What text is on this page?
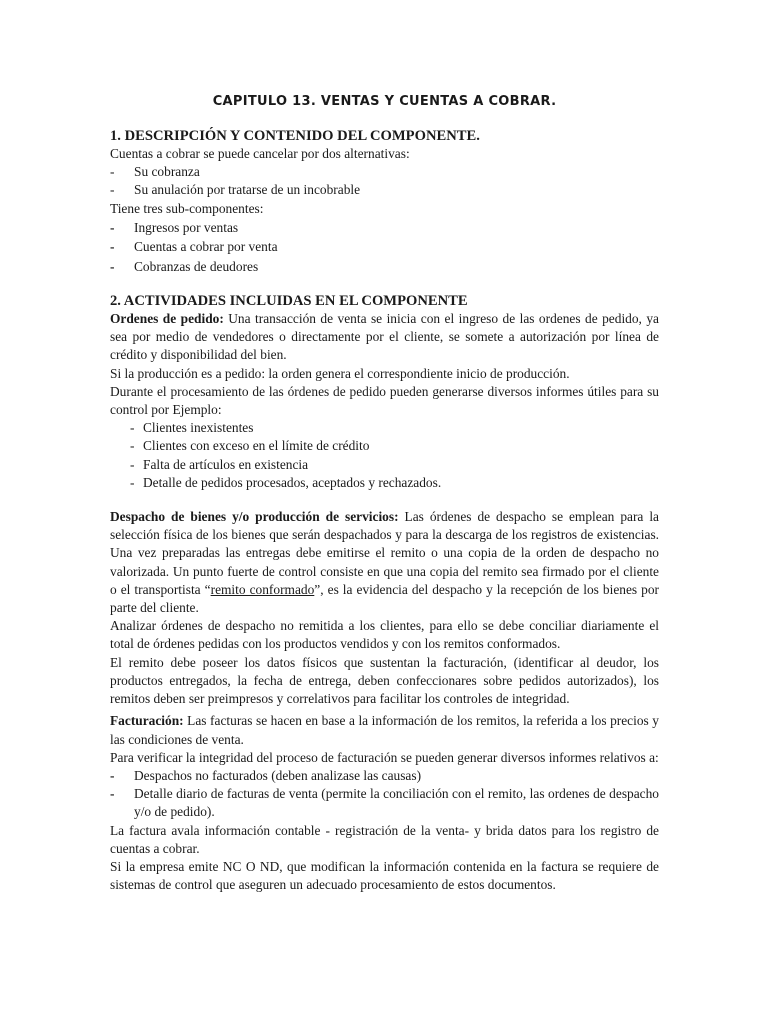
CAPITULO 13. VENTAS Y CUENTAS A COBRAR.
1. DESCRIPCIÓN Y CONTENIDO DEL COMPONENTE.

Cuentas a cobrar se puede cancelar por dos alternativas:

-	Su cobranza
-	Su anulación por tratarse de un incobrable

Tiene tres sub-componentes:

-	Ingresos por ventas
-	Cuentas a cobrar por venta
-	Cobranzas de deudores
2. ACTIVIDADES INCLUIDAS EN EL COMPONENTE

Ordenes de pedido: Una transacción de venta se inicia con el ingreso de las ordenes de pedido, ya sea por medio de vendedores o directamente por el cliente, se somete a autorización por línea de crédito y disponibilidad del bien.

Si la producción es a pedido: la orden genera el correspondiente inicio de producción.

Durante el procesamiento de las órdenes de pedido pueden generarse diversos informes útiles para su control por Ejemplo:

- Clientes inexistentes
- Clientes con exceso en el límite de crédito
- Falta de artículos en existencia
- Detalle de pedidos procesados, aceptados y rechazados.

Despacho de bienes y/o producción de servicios: Las órdenes de despacho se emplean para la selección física de los bienes que serán despachados y para la descarga de los registros de existencias. Una vez preparadas las entregas debe emitirse el remito o una copia de la orden de despacho no valorizada. Un punto fuerte de control consiste en que una copia del remito sea firmado por el cliente o el transportista “remito conformado”, es la evidencia del despacho y la recepción de los bienes por parte del cliente.

Analizar órdenes de despacho no remitida a los clientes, para ello se debe conciliar diariamente el total de órdenes pedidas con los productos vendidos y con los remitos conformados.

El remito debe poseer los datos físicos que sustentan la facturación, (identificar al deudor, los productos entregados, la fecha de entrega, deben confeccionares sobre pedidos autorizados), los remitos deben ser preimpresos y correlativos para facilitar los controles de integridad.

Facturación: Las facturas se hacen en base a la información de los remitos, la referida a los precios y las condiciones de venta.

Para verificar la integridad del proceso de facturación se pueden generar diversos informes relativos a:

-	Despachos no facturados (deben analizase las causas)
-	Detalle diario de facturas de venta (permite la conciliación con el remito, las ordenes de despacho y/o de pedido).

La factura avala información contable - registración de la venta- y brida datos para los registro de cuentas a cobrar.

Si la empresa emite NC O ND, que modifican la información contenida en la factura se requiere de sistemas de control que aseguren un adecuado procesamiento de estos documentos.
